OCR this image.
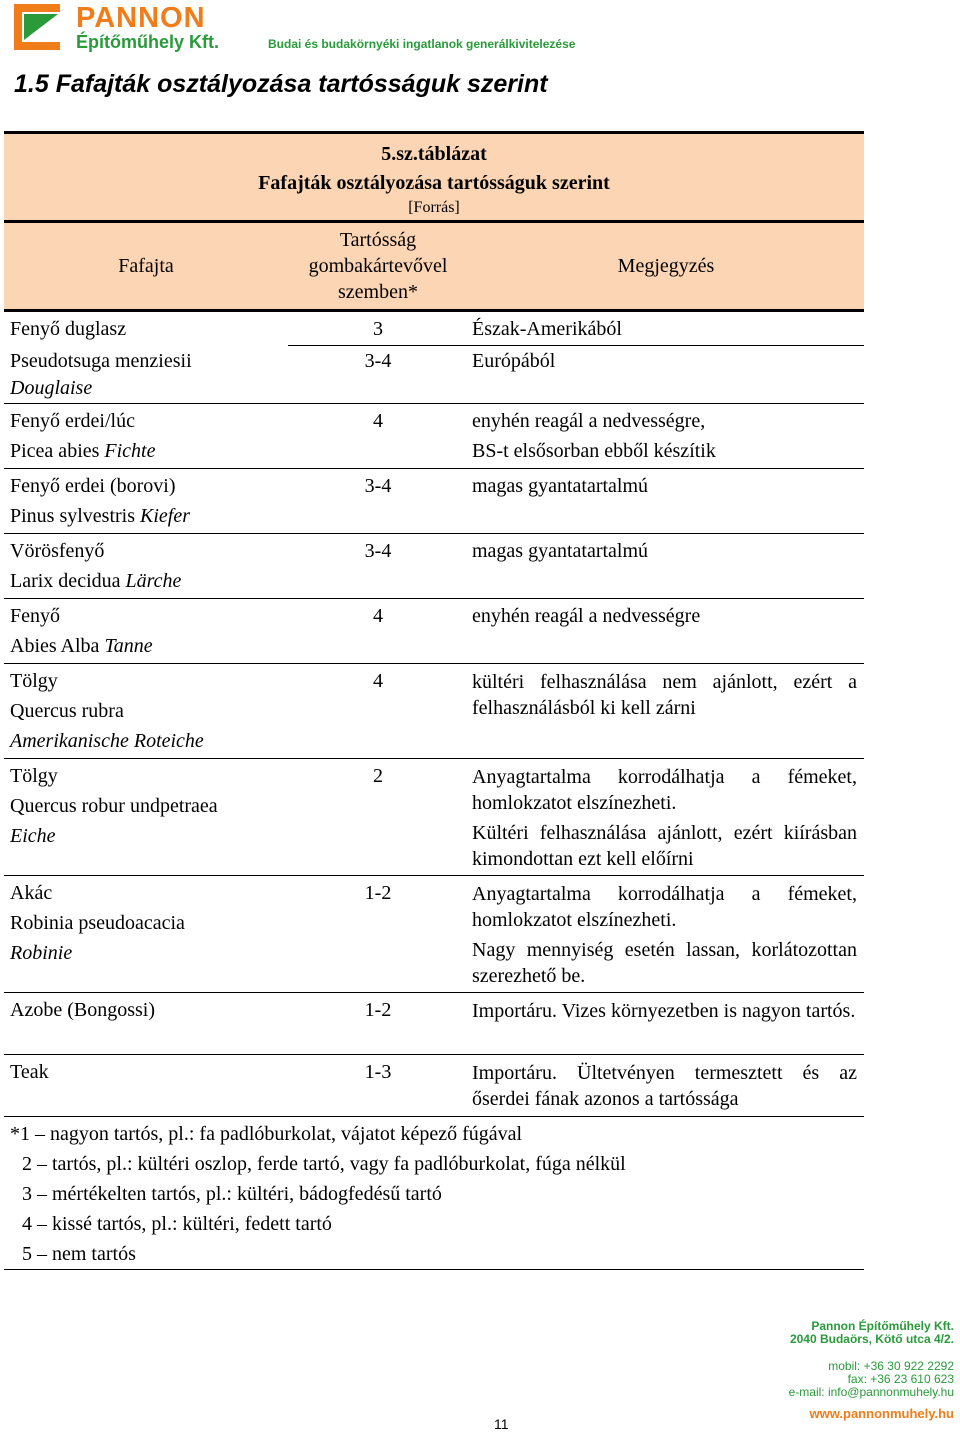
PANNON
Építőműhely Kft.	Budai és budakörnyéki ingatlanok generálkivitelezése
1.5 Fafajták osztályozása tartósságuk szerint
5.sz.táblázat
Fafajták osztályozása tartósságuk szerint
[Forrás]
Fafajta
Tartósság
gombakártevővel
szemben*
Megjegyzés
Fenyő duglasz	3	Észak-Amerikából
Pseudotsuga menziesii
Douglaise
3-4	Európából
Fenyő erdei/lúc
Picea abies Fichte
4	enyhén reagál a nedvességre,
BS-t elsősorban ebből készítik
Fenyő erdei (borovi)
Pinus sylvestris Kiefer
3-4	magas gyantatartalmú
Vörösfenyő
Larix decidua Lärche
3-4	magas gyantatartalmú
Fenyő
Abies Alba Tanne
4	enyhén reagál a nedvességre
Tölgy
Quercus rubra
Amerikanische Roteiche
4	kültéri felhasználása nem ajánlott, ezért a felhasználásból ki kell zárni
Tölgy
Quercus robur undpetraea
Eiche
2	Anyagtartalma korrodálhatja a fémeket, homlokzatot elszínezheti.
Kültéri felhasználása ajánlott, ezért kiírásban kimondottan ezt kell előírni
Akác
Robinia pseudoacacia
Robinie
1-2	Anyagtartalma korrodálhatja a fémeket, homlokzatot elszínezheti.
Nagy mennyiség esetén lassan, korlátozottan szerezhető be.
Azobe (Bongossi)	1-2	Importáru. Vizes környezetben is nagyon tartós.
Teak	1-3	Importáru. Ültetvényen termesztett és az őserdei fának azonos a tartóssága
*1 – nagyon tartós, pl.: fa padlóburkolat, vájatot képező fúgával
2 – tartós, pl.: kültéri oszlop, ferde tartó, vagy fa padlóburkolat, fúga nélkül
3 – mértékelten tartós, pl.: kültéri, bádogfedésű tartó
4 – kissé tartós, pl.: kültéri, fedett tartó
5 – nem tartós
11
Pannon Építőműhely Kft.
2040 Budaörs, Kötő utca 4/2.
mobil: +36 30 922 2292
fax: +36 23 610 623
e-mail: info@pannonmuhely.hu
www.pannonmuhely.hu
